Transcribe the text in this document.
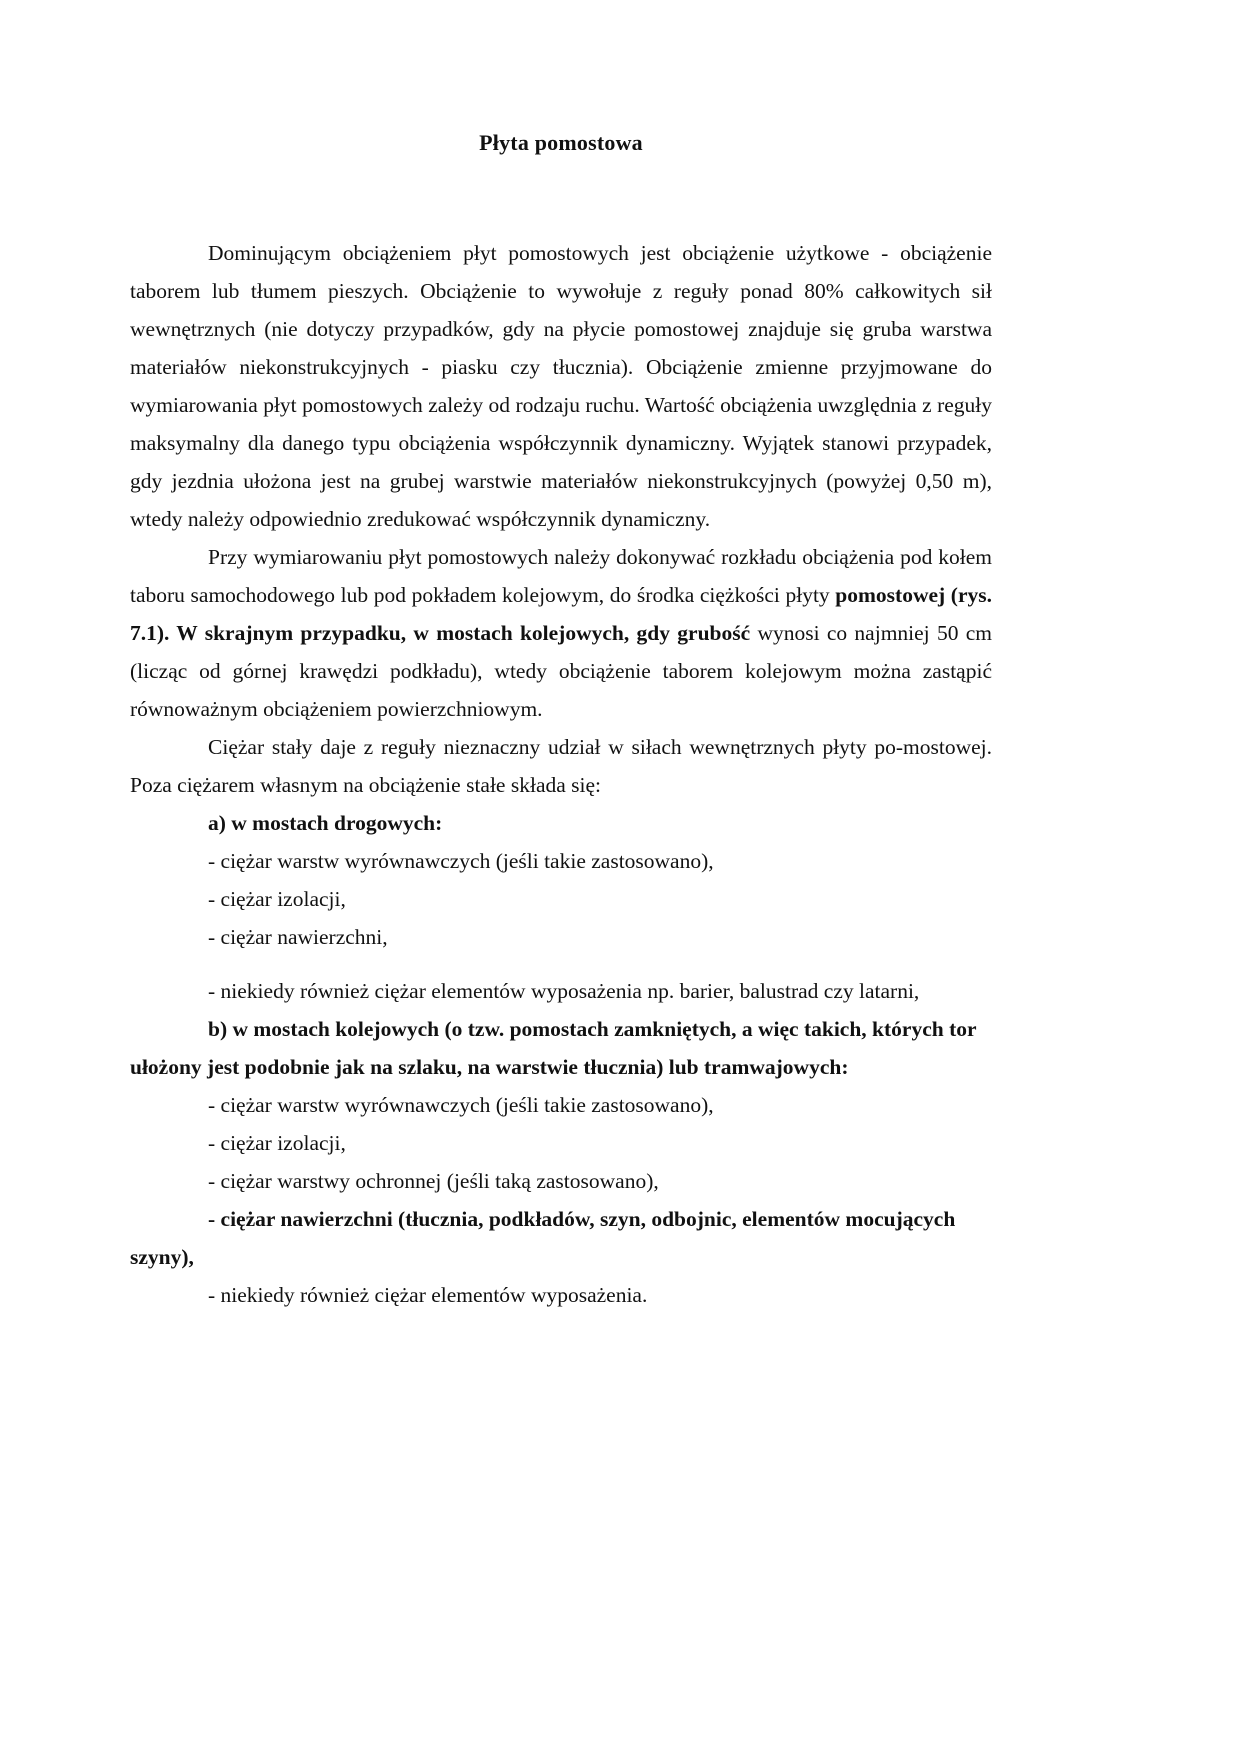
Płyta pomostowa

Dominującym obciążeniem płyt pomostowych jest obciążenie użytkowe - obciążenie taborem lub tłumem pieszych. Obciążenie to wywołuje z reguły ponad 80% całkowitych sił wewnętrznych (nie dotyczy przypadków, gdy na płycie pomostowej znajduje się gruba warstwa materiałów niekonstrukcyjnych - piasku czy tłucznia). Obciążenie zmienne przyjmowane do wymiarowania płyt pomostowych zależy od rodzaju ruchu. Wartość obciążenia uwzględnia z reguły maksymalny dla danego typu obciążenia współczynnik dynamiczny. Wyjątek stanowi przypadek, gdy jezdnia ułożona jest na grubej warstwie materiałów niekonstrukcyjnych (powyżej 0,50 m), wtedy należy odpowiednio zredukować współczynnik dynamiczny.

Przy wymiarowaniu płyt pomostowych należy dokonywać rozkładu obciążenia pod kołem taboru samochodowego lub pod pokładem kolejowym, do środka ciężkości płyty pomostowej (rys. 7.1). W skrajnym przypadku, w mostach kolejowych, gdy grubość wynosi co najmniej 50 cm (licząc od górnej krawędzi podkładu), wtedy obciążenie taborem kolejowym można zastąpić równoważnym obciążeniem powierzchniowym.

Ciężar stały daje z reguły nieznaczny udział w siłach wewnętrznych płyty po-mostowej. Poza ciężarem własnym na obciążenie stałe składa się:

a) w mostach drogowych:

- ciężar warstw wyrównawczych (jeśli takie zastosowano),

- ciężar izolacji,

- ciężar nawierzchni,

- niekiedy również ciężar elementów wyposażenia np. barier, balustrad czy latarni,

b) w mostach kolejowych (o tzw. pomostach zamkniętych, a więc takich, których tor

ułożony jest podobnie jak na szlaku, na warstwie tłucznia) lub tramwajowych:

- ciężar warstw wyrównawczych (jeśli takie zastosowano),

- ciężar izolacji,

- ciężar warstwy ochronnej (jeśli taką zastosowano),

- ciężar nawierzchni (tłucznia, podkładów, szyn, odbojnic, elementów mocujących

szyny),

- niekiedy również ciężar elementów wyposażenia.
